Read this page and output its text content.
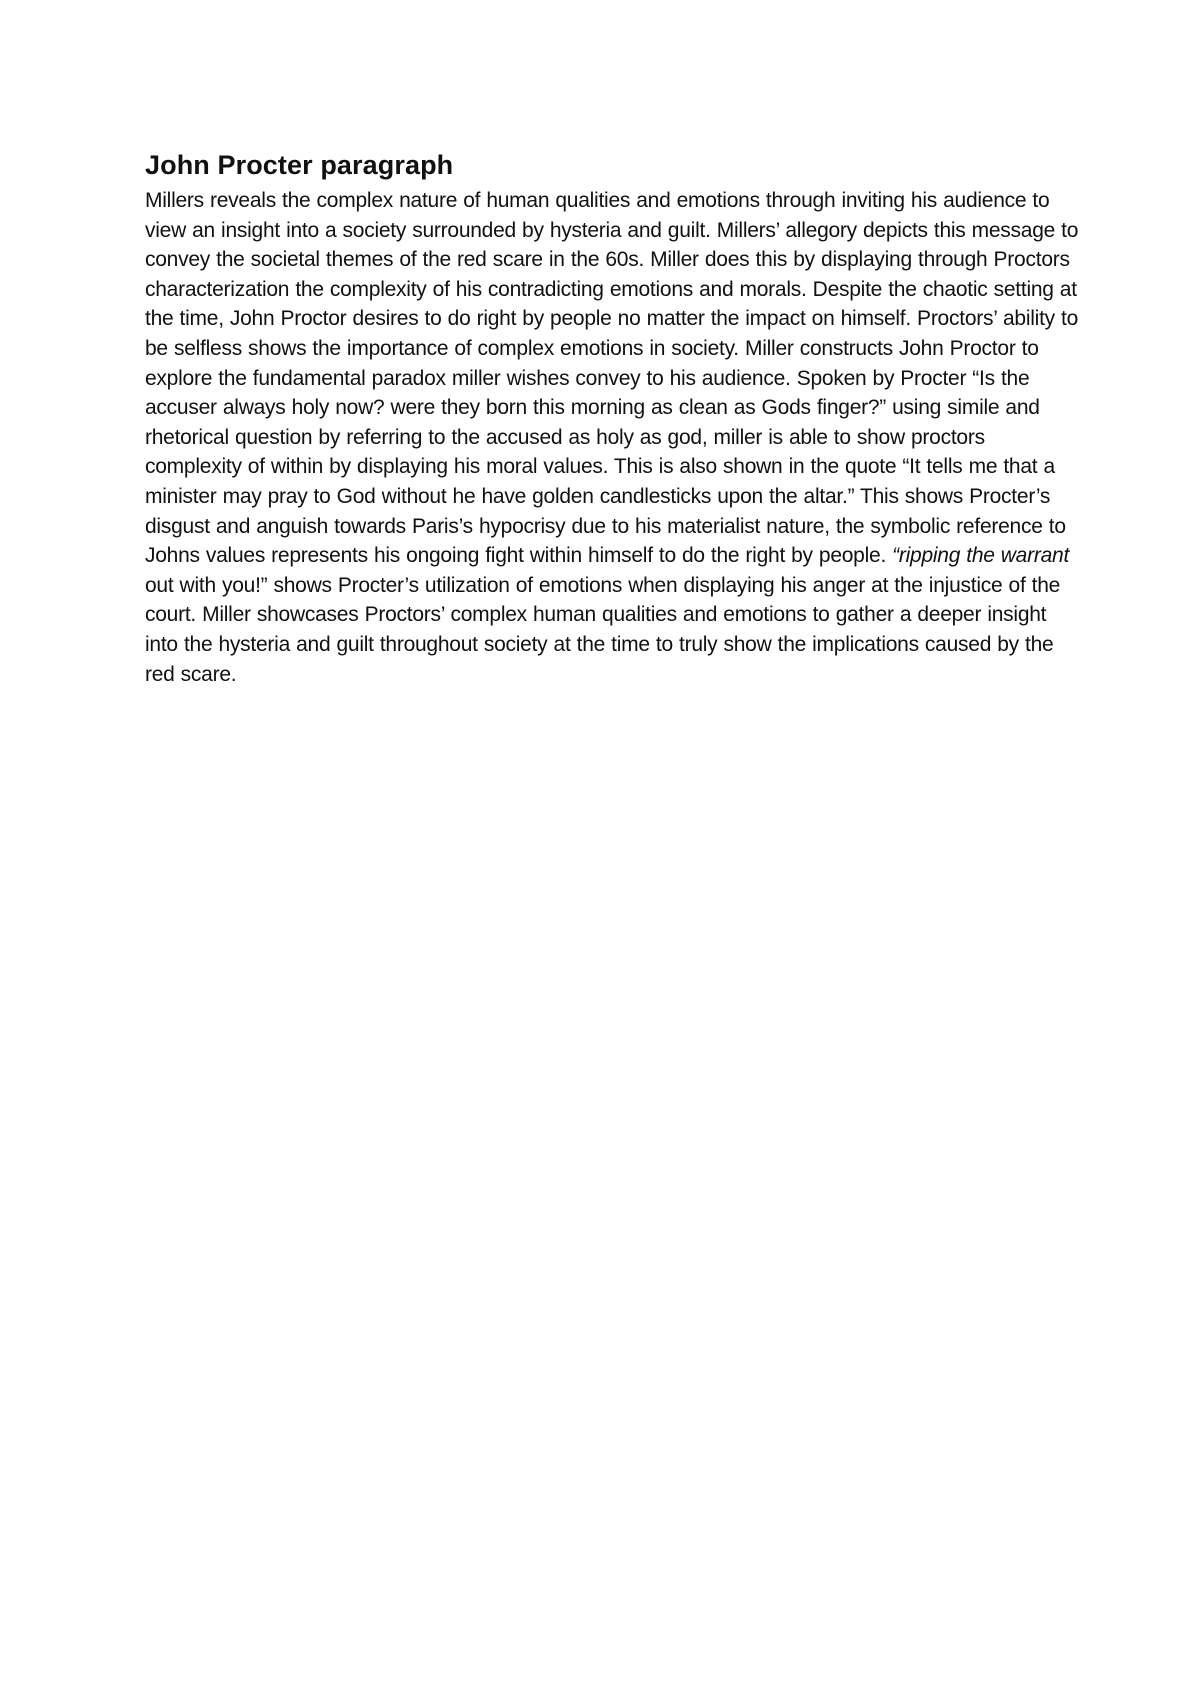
John Procter paragraph

Millers reveals the complex nature of human qualities and emotions through inviting his audience to view an insight into a society surrounded by hysteria and guilt. Millers’ allegory depicts this message to convey the societal themes of the red scare in the 60s. Miller does this by displaying through Proctors characterization the complexity of his contradicting emotions and morals. Despite the chaotic setting at the time, John Proctor desires to do right by people no matter the impact on himself. Proctors’ ability to be selfless shows the importance of complex emotions in society. Miller constructs John Proctor to explore the fundamental paradox miller wishes convey to his audience. Spoken by Procter “Is the accuser always holy now? were they born this morning as clean as Gods finger?” using simile and rhetorical question by referring to the accused as holy as god, miller is able to show proctors complexity of within by displaying his moral values. This is also shown in the quote “It tells me that a minister may pray to God without he have golden candlesticks upon the altar.” This shows Procter’s disgust and anguish towards Paris’s hypocrisy due to his materialist nature, the symbolic reference to Johns values represents his ongoing fight within himself to do the right by people. “ripping the warrant out with you!” shows Procter’s utilization of emotions when displaying his anger at the injustice of the court. Miller showcases Proctors’ complex human qualities and emotions to gather a deeper insight into the hysteria and guilt throughout society at the time to truly show the implications caused by the red scare.
